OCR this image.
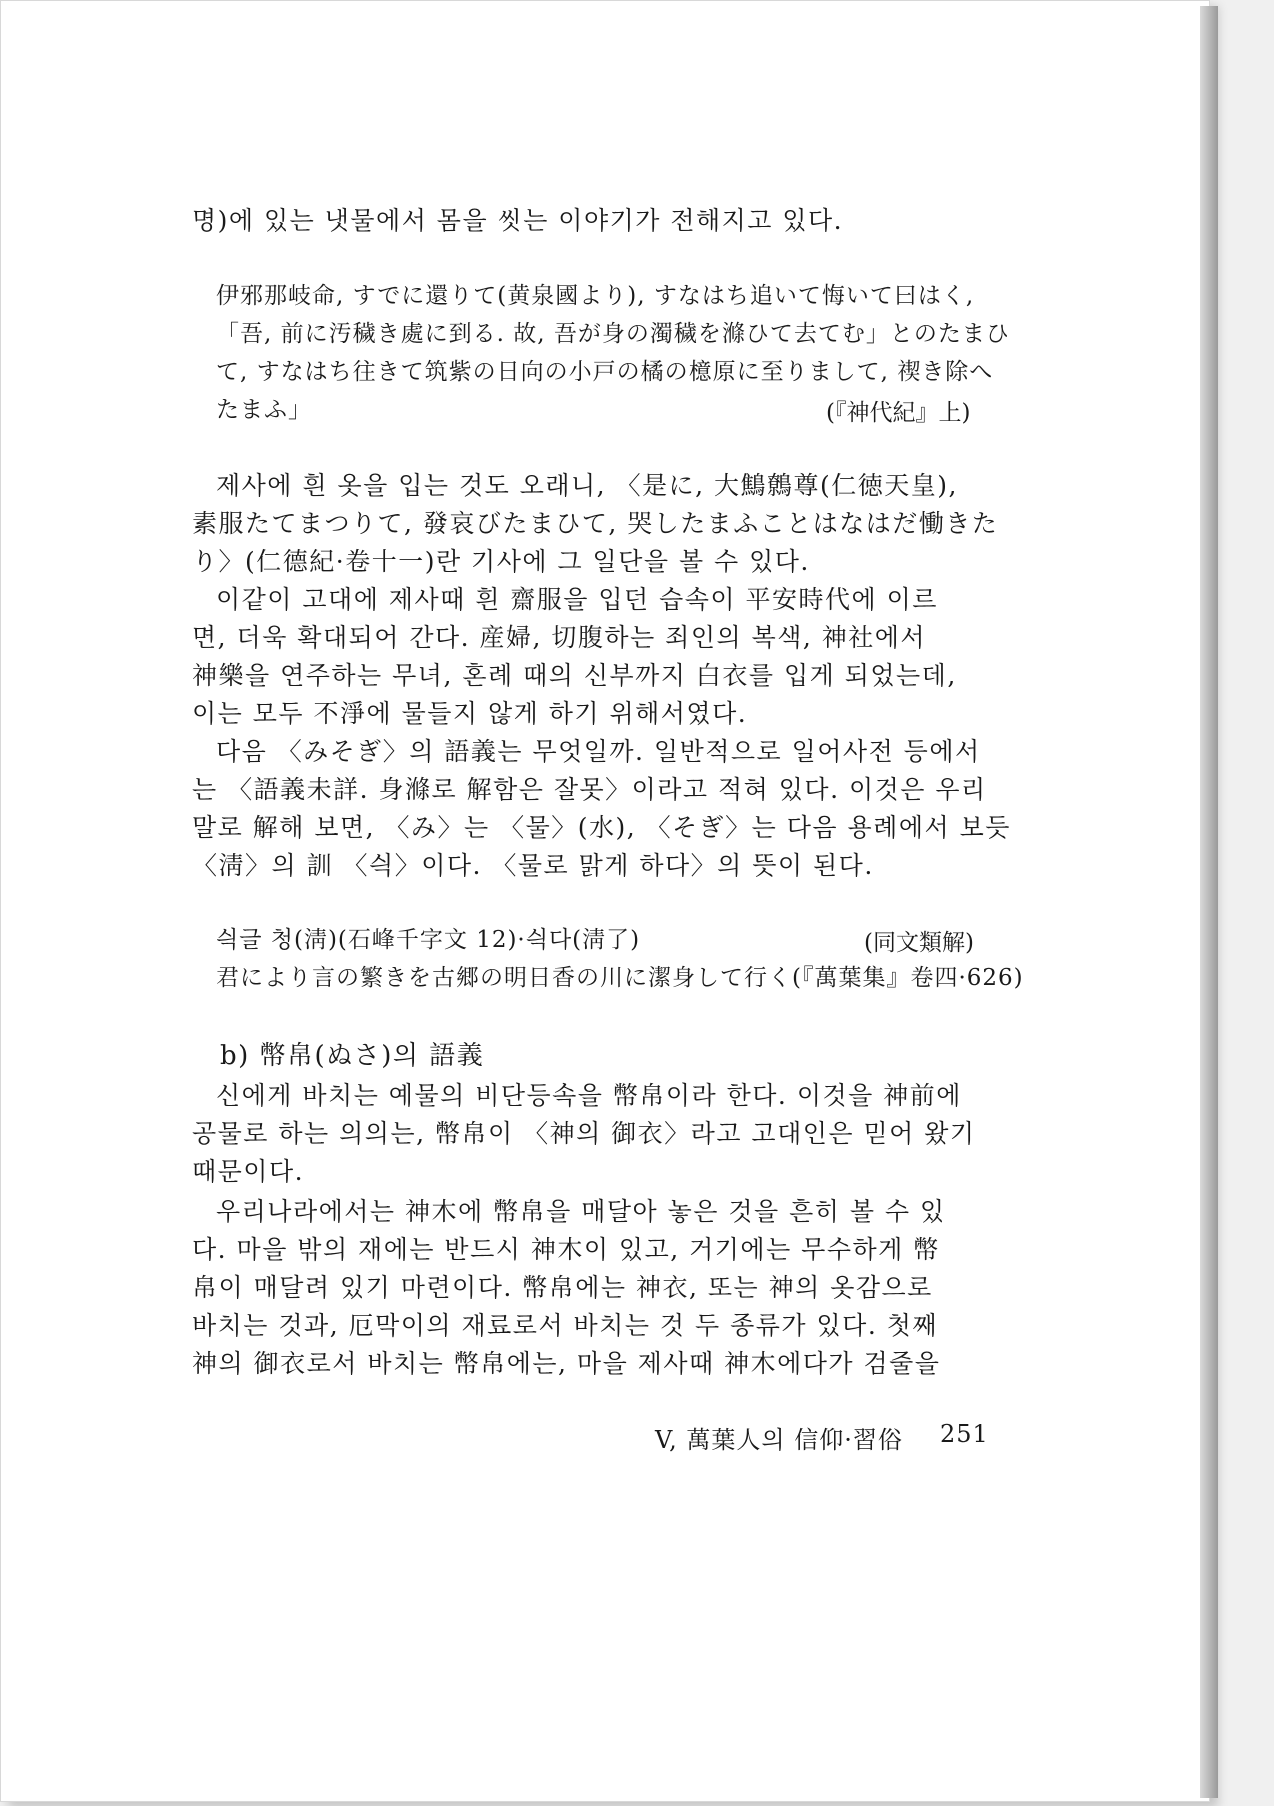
명)에 있는 냇물에서 몸을 씻는 이야기가 전해지고 있다.
伊邪那岐命, すでに還りて(黄泉國より), すなはち追いて悔いて曰はく,
「吾, 前に汚穢き處に到る. 故, 吾が身の濁穢を滌ひて去てむ」とのたまひ
て, すなはち往きて筑紫の日向の小戸の橘の檍原に至りまして, 禊き除へ
たまふ」	(『神代紀』上)
제사에 흰 옷을 입는 것도 오래니, 〈是に, 大鷦鷯尊(仁徳天皇),
素服たてまつりて, 發哀びたまひて, 哭したまふことはなはだ慟きた
り〉(仁德紀·卷十一)란 기사에 그 일단을 볼 수 있다.
이같이 고대에 제사때 흰 齋服을 입던 습속이 平安時代에 이르
면, 더욱 확대되어 간다. 産婦, 切腹하는 죄인의 복색, 神社에서
神樂을 연주하는 무녀, 혼례 때의 신부까지 白衣를 입게 되었는데,
이는 모두 不淨에 물들지 않게 하기 위해서였다.
다음 〈みそぎ〉의 語義는 무엇일까. 일반적으로 일어사전 등에서
는 〈語義未詳. 身滌로 解함은 잘못〉이라고 적혀 있다. 이것은 우리
말로 解해 보면, 〈み〉는 〈물〉(水), 〈そぎ〉는 다음 용례에서 보듯
〈淸〉의 訓 〈싁〉이다. 〈물로 맑게 하다〉의 뜻이 된다.
싁글 청(淸)(石峰千字文 12)·싁다(淸了)	(同文類解)
君により言の繁きを古郷の明日香の川に潔身して行く(『萬葉集』卷四·626)
b) 幣帛(ぬさ)의 語義
신에게 바치는 예물의 비단등속을 幣帛이라 한다. 이것을 神前에
공물로 하는 의의는, 幣帛이 〈神의 御衣〉라고 고대인은 믿어 왔기
때문이다.
우리나라에서는 神木에 幣帛을 매달아 놓은 것을 흔히 볼 수 있
다. 마을 밖의 재에는 반드시 神木이 있고, 거기에는 무수하게 幣
帛이 매달려 있기 마련이다. 幣帛에는 神衣, 또는 神의 옷감으로
바치는 것과, 厄막이의 재료로서 바치는 것 두 종류가 있다. 첫째
神의 御衣로서 바치는 幣帛에는, 마을 제사때 神木에다가 검줄을
V, 萬葉人의 信仰·習俗 251
